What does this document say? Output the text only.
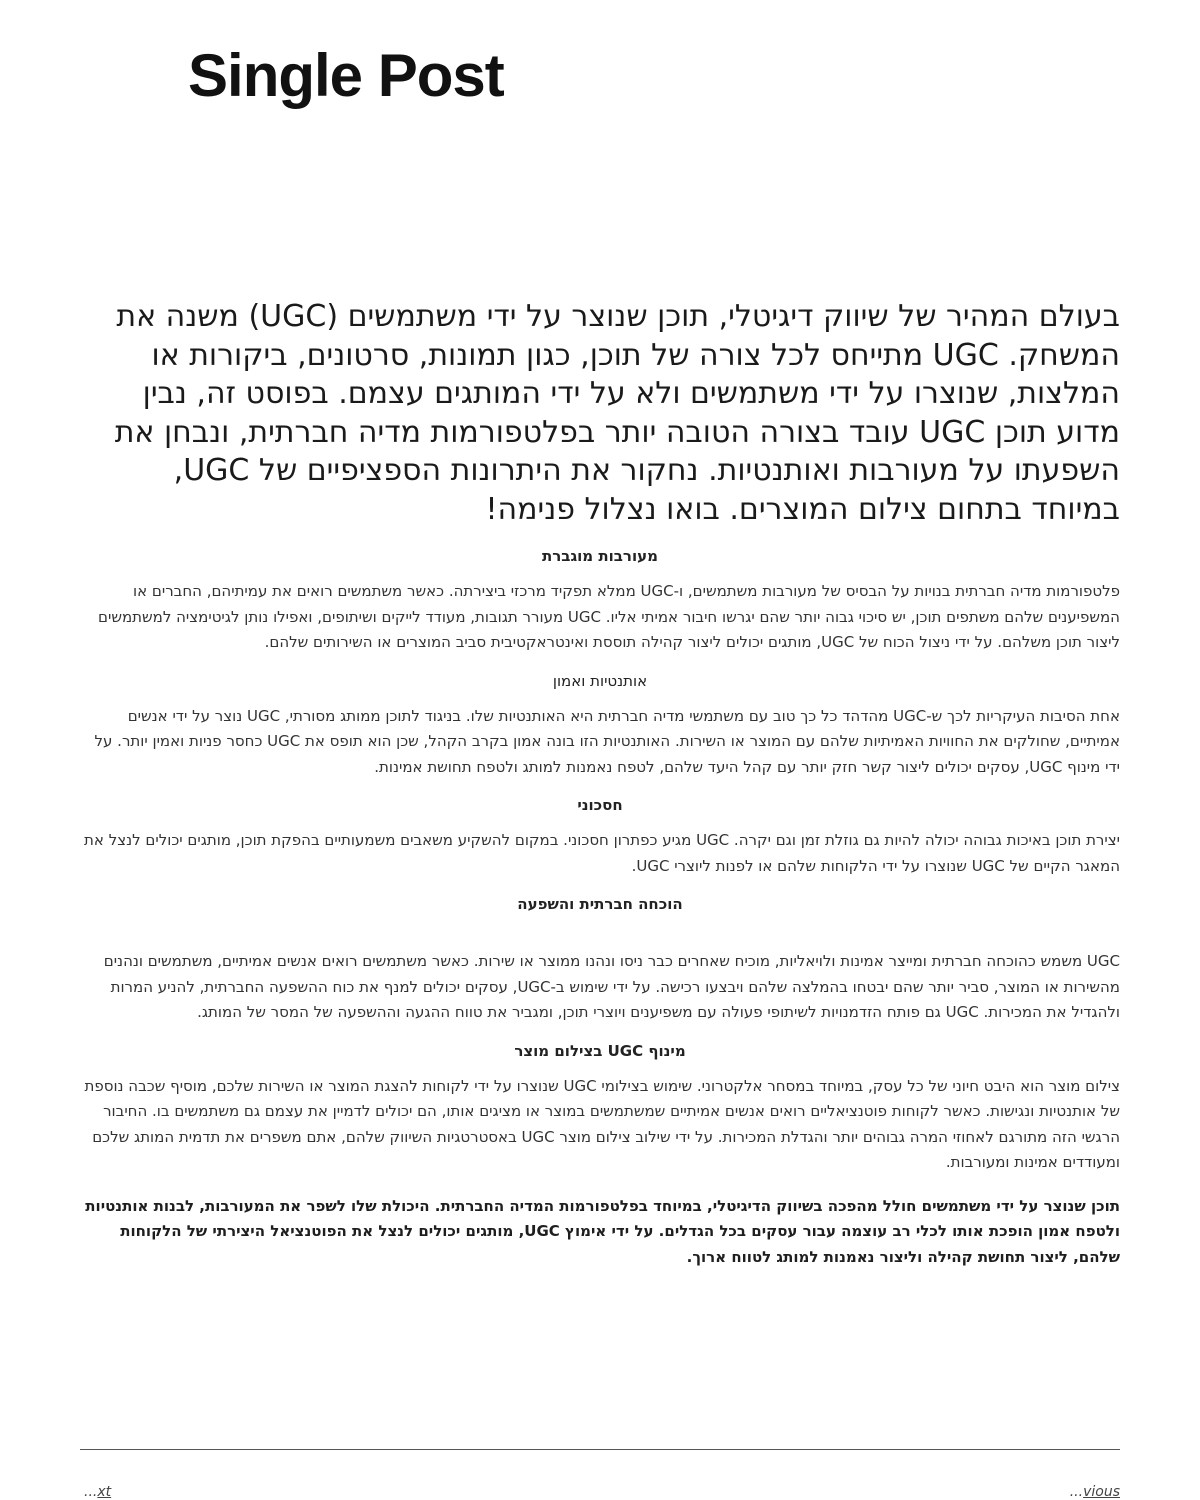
Single Post

בעולם המהיר של שיווק דיגיטלי, תוכן שנוצר על ידי משתמשים (UGC) משנה את המשחק. UGC מתייחס לכל צורה של תוכן, כגון תמונות, סרטונים, ביקורות או המלצות, שנוצרו על ידי משתמשים ולא על ידי המותגים עצמם. בפוסט זה, נבין מדוע תוכן UGC עובד בצורה הטובה יותר בפלטפורמות מדיה חברתית, ונבחן את השפעתו על מעורבות ואותנטיות. נחקור את היתרונות הספציפיים של UGC, במיוחד בתחום צילום המוצרים. בואו נצלול פנימה!

מעורבות מוגברת

פלטפורמות מדיה חברתית בנויות על הבסיס של מעורבות משתמשים, ו-UGC ממלא תפקיד מרכזי ביצירתה. כאשר משתמשים רואים את עמיתיהם, החברים או המשפיענים שלהם משתפים תוכן, יש סיכוי גבוה יותר שהם יגרשו חיבור אמיתי אליו. UGC מעורר תגובות, מעודד לייקים ושיתופים, ואפילו נותן לגיטימציה למשתמשים ליצור תוכן משלהם. על ידי ניצול הכוח של UGC, מותגים יכולים ליצור קהילה תוססת ואינטראקטיבית סביב המוצרים או השירותים שלהם.

אותנטיות ואמון

אחת הסיבות העיקריות לכך ש-UGC מהדהד כל כך טוב עם משתמשי מדיה חברתית היא האותנטיות שלו. בניגוד לתוכן ממותג מסורתי, UGC נוצר על ידי אנשים אמיתיים, שחולקים את החוויות האמיתיות שלהם עם המוצר או השירות. האותנטיות הזו בונה אמון בקרב הקהל, שכן הוא תופס את UGC כחסר פניות ואמין יותר. על ידי מינוף UGC, עסקים יכולים ליצור קשר חזק יותר עם קהל היעד שלהם, לטפח נאמנות למותג ולטפח תחושת אמינות.

חסכוני

יצירת תוכן באיכות גבוהה יכולה להיות גם גוזלת זמן וגם יקרה. UGC מגיע כפתרון חסכוני. במקום להשקיע משאבים משמעותיים בהפקת תוכן, מותגים יכולים לנצל את המאגר הקיים של UGC שנוצרו על ידי הלקוחות שלהם או לפנות ליוצרי UGC.

הוכחה חברתית והשפעה

UGC משמש כהוכחה חברתית ומייצר אמינות ולויאליות, מוכיח שאחרים כבר ניסו ונהנו ממוצר או שירות. כאשר משתמשים רואים אנשים אמיתיים, משתמשים ונהנים מהשירות או המוצר, סביר יותר שהם יבטחו בהמלצה שלהם ויבצעו רכישה. על ידי שימוש ב-UGC, עסקים יכולים למנף את כוח ההשפעה החברתית, להניע המרות ולהגדיל את המכירות. UGC גם פותח הזדמנויות לשיתופי פעולה עם משפיענים ויוצרי תוכן, ומגביר את טווח ההגעה וההשפעה של המסר של המותג.

מינוף UGC בצילום מוצר

צילום מוצר הוא היבט חיוני של כל עסק, במיוחד במסחר אלקטרוני. שימוש בצילומי UGC שנוצרו על ידי לקוחות להצגת המוצר או השירות שלכם, מוסיף שכבה נוספת של אותנטיות ונגישות. כאשר לקוחות פוטנציאליים רואים אנשים אמיתיים שמשתמשים במוצר או מציגים אותו, הם יכולים לדמיין את עצמם גם משתמשים בו. החיבור הרגשי הזה מתורגם לאחוזי המרה גבוהים יותר והגדלת המכירות. על ידי שילוב צילום מוצר UGC באסטרטגיות השיווק שלהם, אתם משפרים את תדמית המותג שלכם ומעודדים אמינות ומעורבות.

תוכן שנוצר על ידי משתמשים חולל מהפכה בשיווק הדיגיטלי, במיוחד בפלטפורמות המדיה החברתית. היכולת שלו לשפר את המעורבות, לבנות אותנטיות ולטפח אמון הופכת אותו לכלי רב עוצמה עבור עסקים בכל הגדלים. על ידי אימוץ UGC, מותגים יכולים לנצל את הפוטנציאל היצירתי של הלקוחות שלהם, ליצור תחושת קהילה וליצור נאמנות למותג לטווח ארוך.

...xt	...vious
